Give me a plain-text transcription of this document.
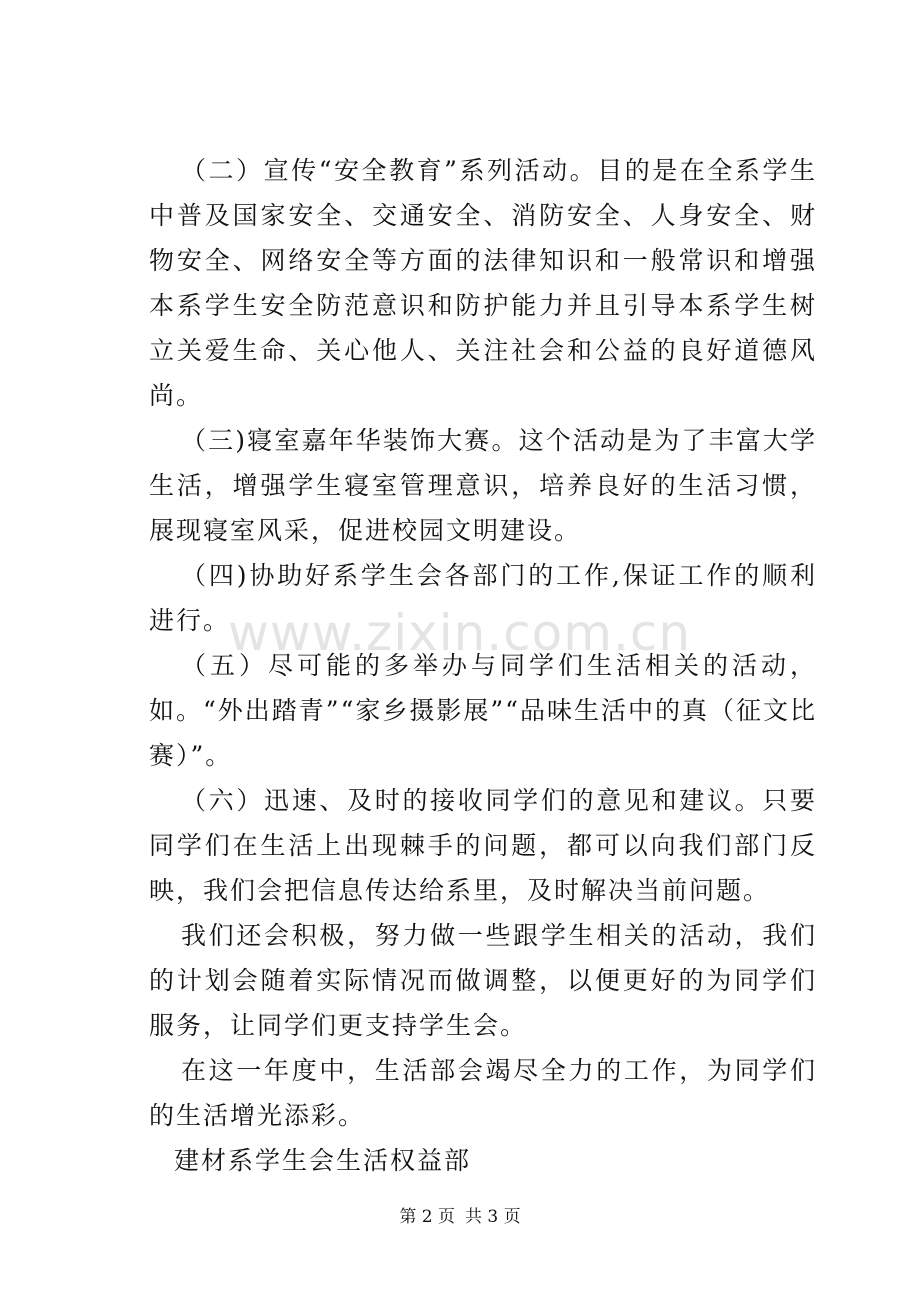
www.zixin.com.cn

（二）宣传“安全教育”系列活动。目的是在全系学生中普及国家安全、交通安全、消防安全、人身安全、财物安全、网络安全等方面的法律知识和一般常识和增强本系学生安全防范意识和防护能力并且引导本系学生树立关爱生命、关心他人、关注社会和公益的良好道德风尚。

（三)寝室嘉年华装饰大赛。这个活动是为了丰富大学生活，增强学生寝室管理意识，培养良好的生活习惯，展现寝室风采，促进校园文明建设。

（四)协助好系学生会各部门的工作,保证工作的顺利进行。

（五）尽可能的多举办与同学们生活相关的活动，如。“外出踏青”“家乡摄影展”“品味生活中的真（征文比赛）”。

（六）迅速、及时的接收同学们的意见和建议。只要同学们在生活上出现棘手的问题，都可以向我们部门反映，我们会把信息传达给系里，及时解决当前问题。

我们还会积极，努力做一些跟学生相关的活动，我们的计划会随着实际情况而做调整，以便更好的为同学们服务，让同学们更支持学生会。

在这一年度中，生活部会竭尽全力的工作，为同学们的生活增光添彩。

建材系学生会生活权益部

第 2 页 共 3 页
